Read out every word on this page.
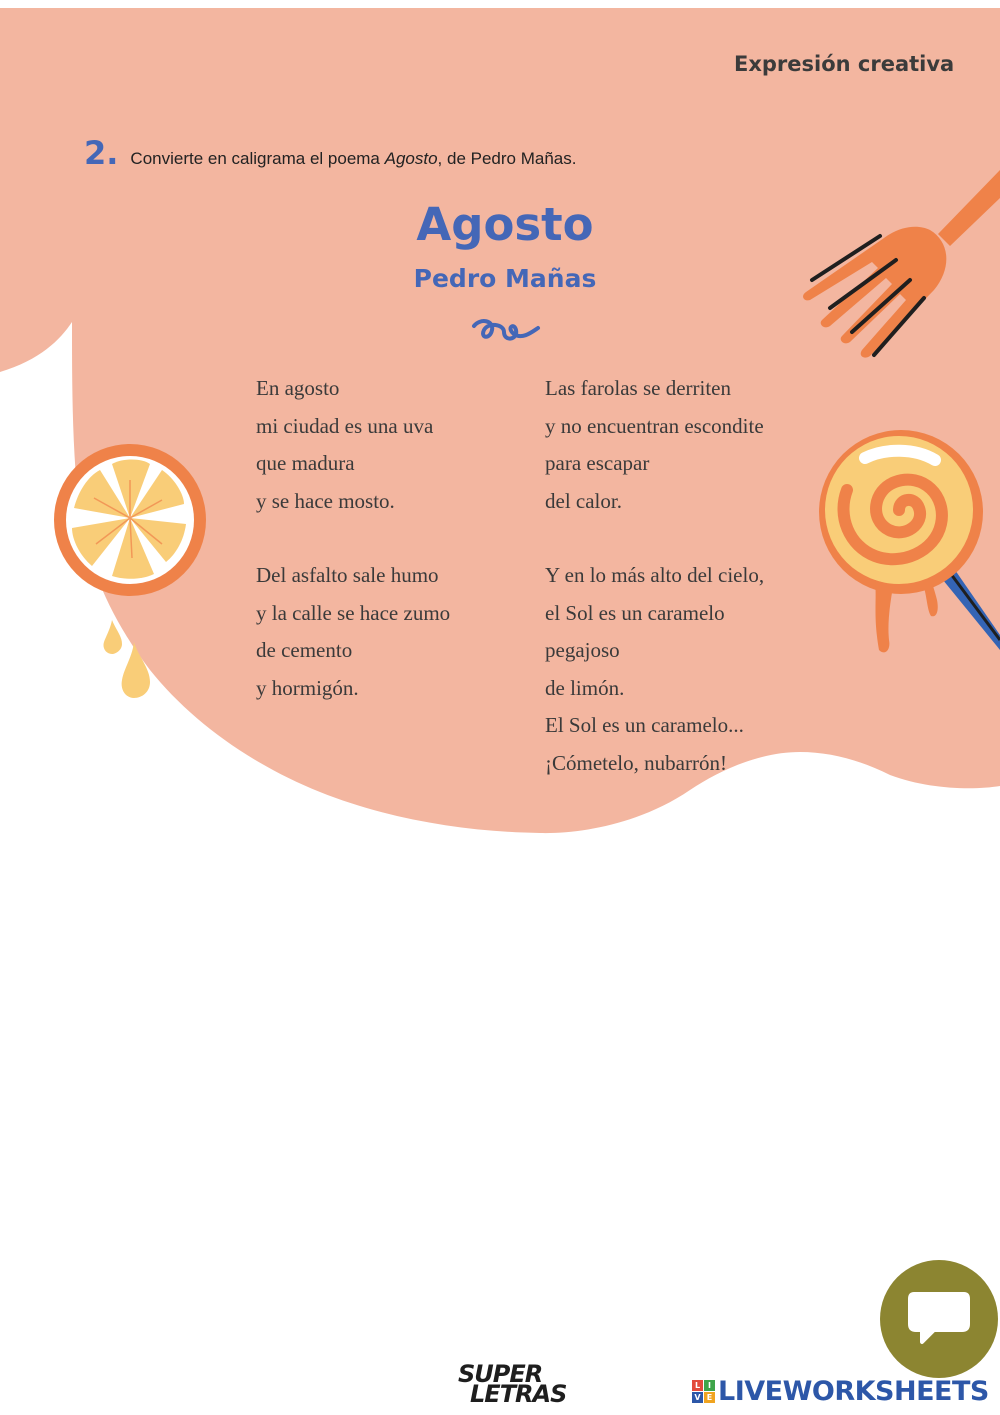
Expresión creativa
2. Convierte en caligrama el poema Agosto, de Pedro Mañas.
Agosto
Pedro Mañas
En agosto
mi ciudad es una uva
que madura
y se hace mosto.
Del asfalto sale humo
y la calle se hace zumo
de cemento
y hormigón.
Las farolas se derriten
y no encuentran escondite
para escapar
del calor.
Y en lo más alto del cielo,
el Sol es un caramelo
pegajoso
de limón.
El Sol es un caramelo...
¡Cómetelo, nubarrón!
SUPER
LETRAS	L I
V E LIVEWORKSHEETS
